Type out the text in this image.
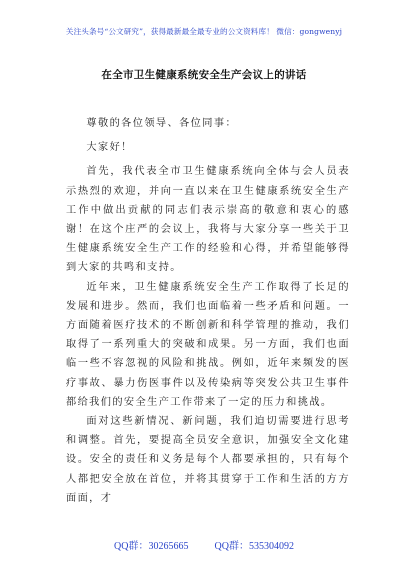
关注头条号“公文研究”，获得最新最全最专业的公文资料库！ 微信：gongwenyj
在全市卫生健康系统安全生产会议上的讲话

尊敬的各位领导、各位同事：

大家好！

首先，我代表全市卫生健康系统向全体与会人员表示热烈的欢迎，并向一直以来在卫生健康系统安全生产工作中做出贡献的同志们表示崇高的敬意和衷心的感谢！在这个庄严的会议上，我将与大家分享一些关于卫生健康系统安全生产工作的经验和心得，并希望能够得到大家的共鸣和支持。

近年来，卫生健康系统安全生产工作取得了长足的发展和进步。然而，我们也面临着一些矛盾和问题。一方面随着医疗技术的不断创新和科学管理的推动，我们取得了一系列重大的突破和成果。另一方面，我们也面临一些不容忽视的风险和挑战。例如，近年来频发的医疗事故、暴力伤医事件以及传染病等突发公共卫生事件都给我们的安全生产工作带来了一定的压力和挑战。

面对这些新情况、新问题，我们迫切需要进行思考和调整。首先，要提高全员安全意识，加强安全文化建设。安全的责任和义务是每个人都要承担的，只有每个人都把安全放在首位，并将其贯穿于工作和生活的方方面面，才

QQ群：30265665	QQ群：535304092
